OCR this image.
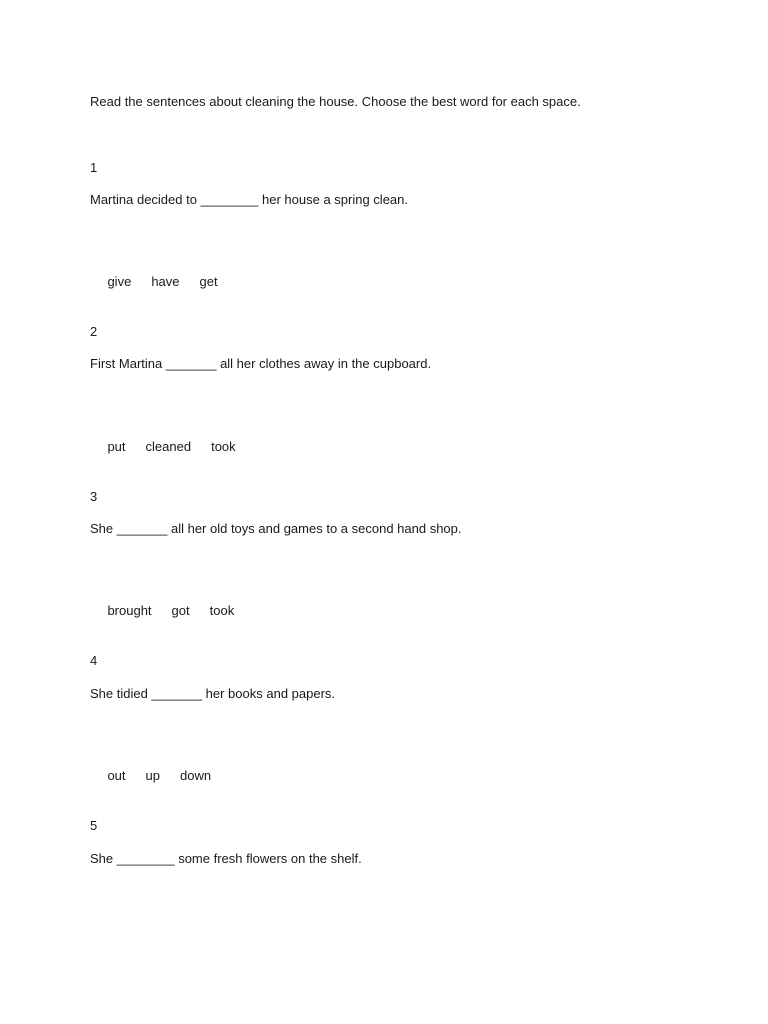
Read the sentences about cleaning the house. Choose the best word for each space.
1
Martina decided to ________ her house a spring clean.

give have get

2
First Martina _______ all her clothes away in the cupboard.

put cleaned took

3
She _______ all her old toys and games to a second hand shop.

brought got took

4
She tidied _______ her books and papers.

out up down

5
She ________ some fresh flowers on the shelf.
